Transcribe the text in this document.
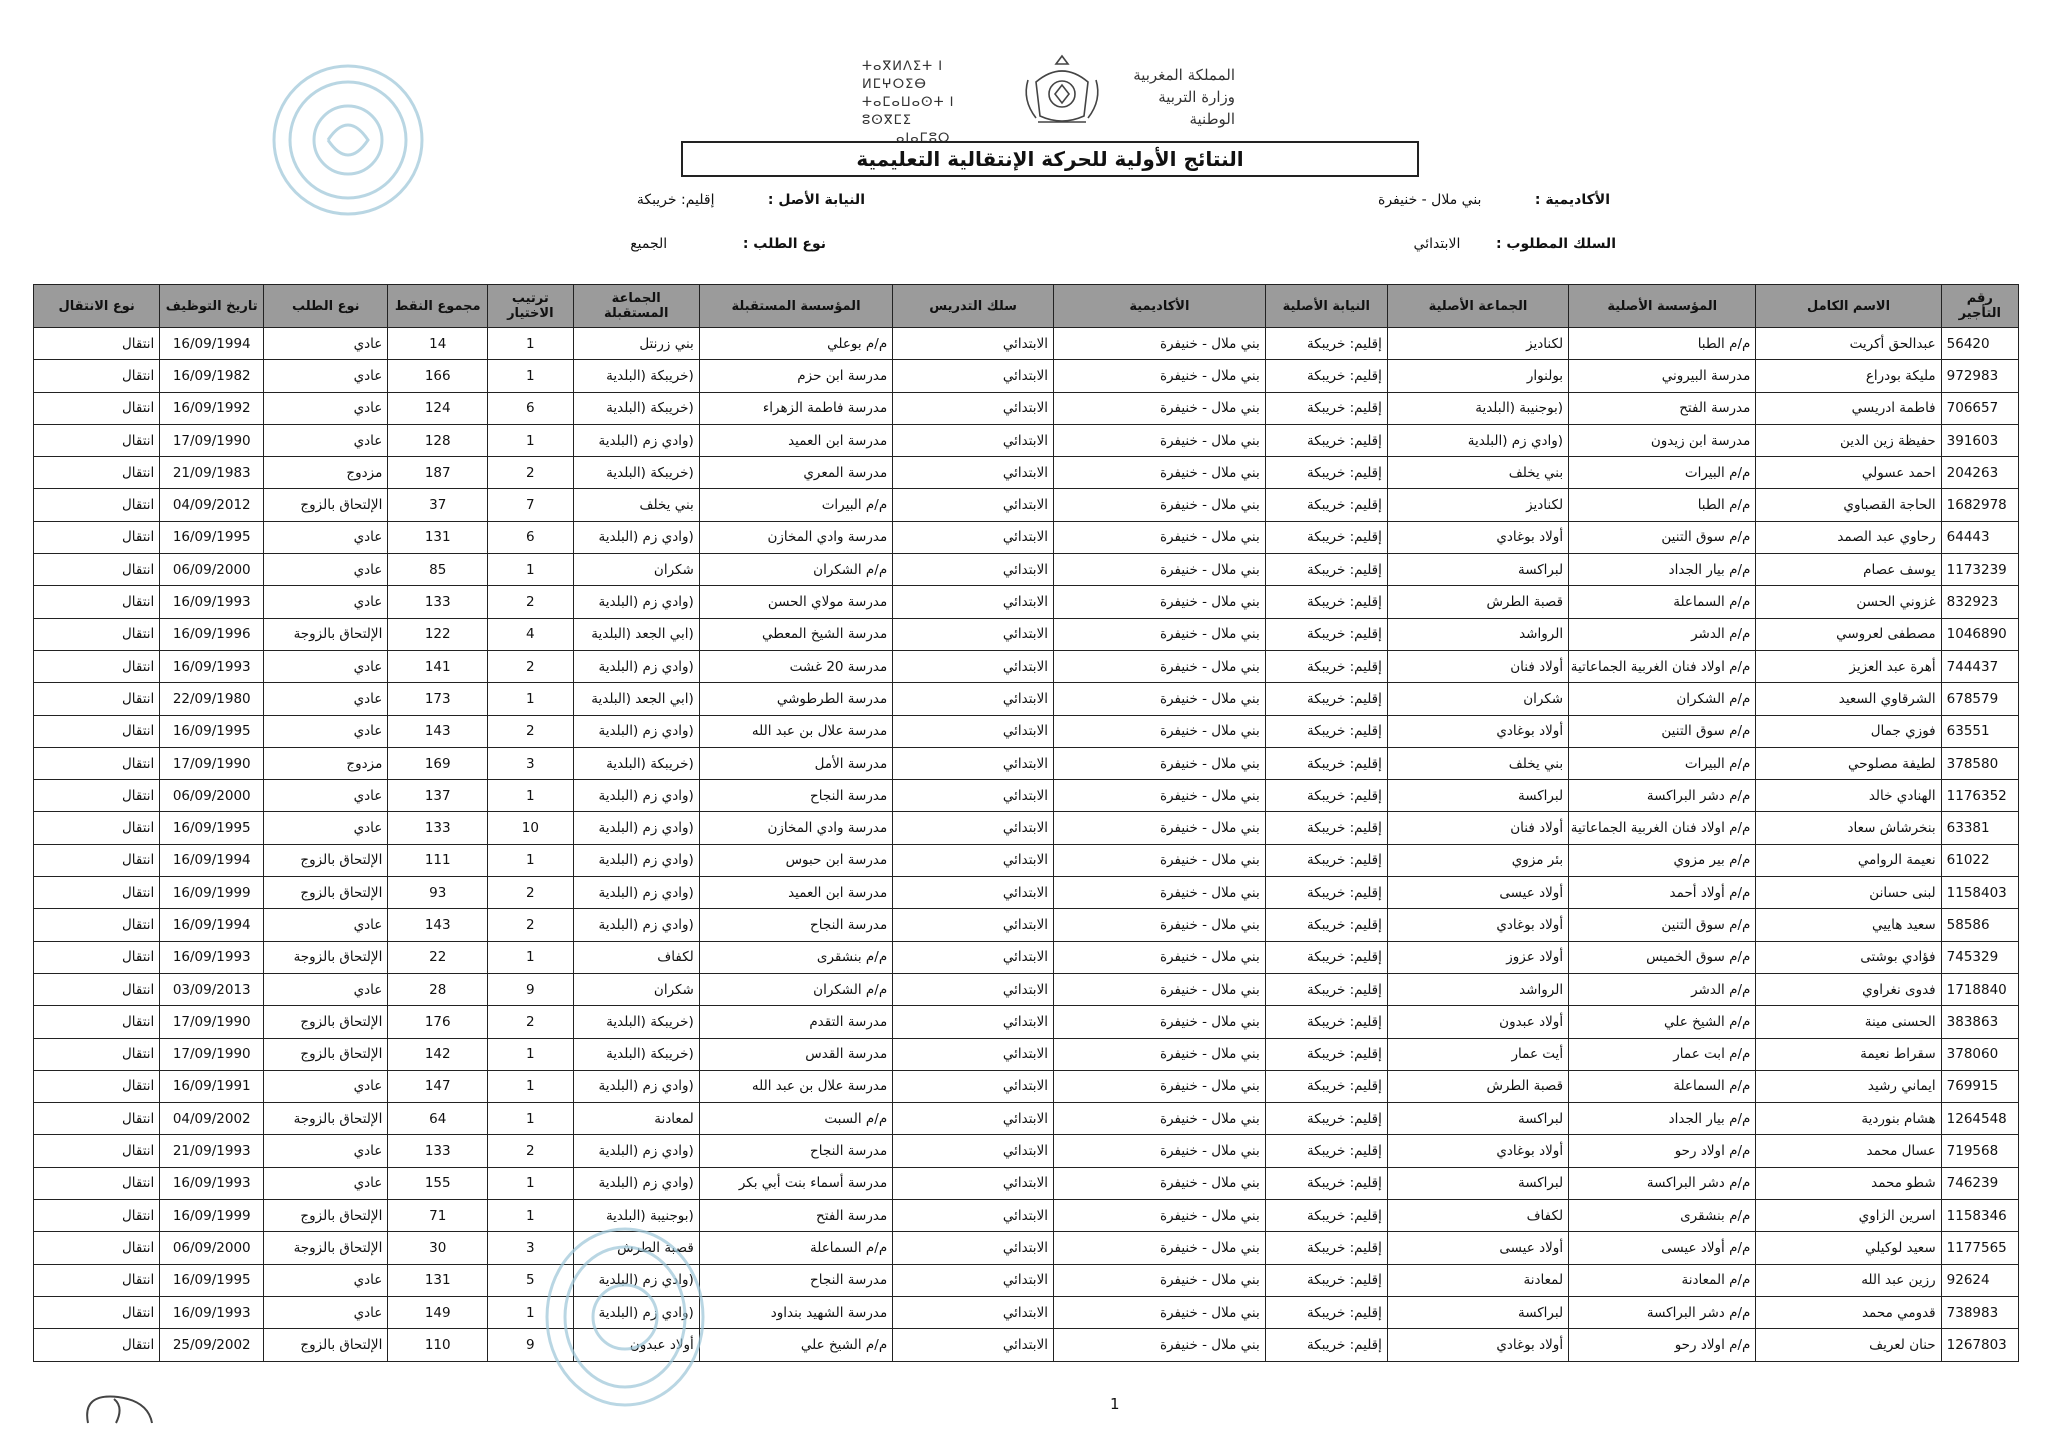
المملكة المغربية
وزارة التربية الوطنية
ⵜⴰⴳⵍⴷⵉⵜ ⵏ ⵍⵎⵖⵔⵉⴱ
ⵜⴰⵎⴰⵡⴰⵙⵜ ⵏ ⵓⵙⴳⵎⵉ
ⴰⵏⴰⵎⵓⵔ
النتائج الأولية للحركة الإنتقالية التعليمية
الأكاديمية :            بني ملال - خنيفرة
النيابة الأصل :            إقليم: خريبكة
السلك المطلوب :        الابتدائي
نوع الطلب :                 الجميع
رقم التأجير	الاسم الكامل	المؤسسة الأصلية	الجماعة الأصلية	النيابة الأصلية	الأكاديمية	سلك التدريس	المؤسسة المستقبلة	الجماعة المستقبلة	ترتيب الاختيار	مجموع النقط	نوع الطلب	تاريخ التوظيف	نوع الانتقال
56420	عبدالحق أكريت	م/م الطبا	لكناديز	إقليم: خريبكة	بني ملال - خنيفرة	الابتدائي	م/م بوعلي	بني زرنتل	1	14	عادي	16/09/1994	انتقال
972983	مليكة بودراع	مدرسة البيروني	بولنوار	إقليم: خريبكة	بني ملال - خنيفرة	الابتدائي	مدرسة ابن حزم	(خريبكة (البلدية	1	166	عادي	16/09/1982	انتقال
706657	فاطمة ادريسي	مدرسة الفتح	(بوجنيبة (البلدية	إقليم: خريبكة	بني ملال - خنيفرة	الابتدائي	مدرسة فاطمة الزهراء	(خريبكة (البلدية	6	124	عادي	16/09/1992	انتقال
391603	حفيظة زين الدين	مدرسة ابن زيدون	(وادي زم (البلدية	إقليم: خريبكة	بني ملال - خنيفرة	الابتدائي	مدرسة ابن العميد	(وادي زم (البلدية	1	128	عادي	17/09/1990	انتقال
204263	احمد عسولي	م/م البيرات	بني يخلف	إقليم: خريبكة	بني ملال - خنيفرة	الابتدائي	مدرسة المعري	(خريبكة (البلدية	2	187	مزدوج	21/09/1983	انتقال
1682978	الحاجة القصباوي	م/م الطبا	لكناديز	إقليم: خريبكة	بني ملال - خنيفرة	الابتدائي	م/م البيرات	بني يخلف	7	37	الإلتحاق بالزوج	04/09/2012	انتقال
64443	رحاوي عبد الصمد	م/م سوق التنين	أولاد بوغادي	إقليم: خريبكة	بني ملال - خنيفرة	الابتدائي	مدرسة وادي المخازن	(وادي زم (البلدية	6	131	عادي	16/09/1995	انتقال
1173239	يوسف عصام	م/م بيار الجداد	لبراكسة	إقليم: خريبكة	بني ملال - خنيفرة	الابتدائي	م/م الشكران	شكران	1	85	عادي	06/09/2000	انتقال
832923	غزوني الحسن	م/م السماعلة	قصبة الطرش	إقليم: خريبكة	بني ملال - خنيفرة	الابتدائي	مدرسة مولاي الحسن	(وادي زم (البلدية	2	133	عادي	16/09/1993	انتقال
1046890	مصطفى لعروسي	م/م الدشر	الرواشد	إقليم: خريبكة	بني ملال - خنيفرة	الابتدائي	مدرسة الشيخ المعطي	(ابي الجعد (البلدية	4	122	الإلتحاق بالزوجة	16/09/1996	انتقال
744437	أهرة عبد العزيز	م/م اولاد فنان الغربية الجماعاتية	أولاد فنان	إقليم: خريبكة	بني ملال - خنيفرة	الابتدائي	مدرسة 20 غشت	(وادي زم (البلدية	2	141	عادي	16/09/1993	انتقال
678579	الشرقاوي السعيد	م/م الشكران	شكران	إقليم: خريبكة	بني ملال - خنيفرة	الابتدائي	مدرسة الطرطوشي	(ابي الجعد (البلدية	1	173	عادي	22/09/1980	انتقال
63551	فوزي جمال	م/م سوق التنين	أولاد بوغادي	إقليم: خريبكة	بني ملال - خنيفرة	الابتدائي	مدرسة علال بن عبد الله	(وادي زم (البلدية	2	143	عادي	16/09/1995	انتقال
378580	لطيفة مصلوحي	م/م البيرات	بني يخلف	إقليم: خريبكة	بني ملال - خنيفرة	الابتدائي	مدرسة الأمل	(خريبكة (البلدية	3	169	مزدوج	17/09/1990	انتقال
1176352	الهنادي خالد	م/م دشر البراكسة	لبراكسة	إقليم: خريبكة	بني ملال - خنيفرة	الابتدائي	مدرسة النجاح	(وادي زم (البلدية	1	137	عادي	06/09/2000	انتقال
63381	بنخرشاش سعاد	م/م اولاد فنان الغربية الجماعاتية	أولاد فنان	إقليم: خريبكة	بني ملال - خنيفرة	الابتدائي	مدرسة وادي المخازن	(وادي زم (البلدية	10	133	عادي	16/09/1995	انتقال
61022	نعيمة الروامي	م/م بير مزوي	بئر مزوي	إقليم: خريبكة	بني ملال - خنيفرة	الابتدائي	مدرسة ابن حبوس	(وادي زم (البلدية	1	111	الإلتحاق بالزوج	16/09/1994	انتقال
1158403	لبنى حسانن	م/م أولاد أحمد	أولاد عيسى	إقليم: خريبكة	بني ملال - خنيفرة	الابتدائي	مدرسة ابن العميد	(وادي زم (البلدية	2	93	الإلتحاق بالزوج	16/09/1999	انتقال
58586	سعيد هاييي	م/م سوق التنين	أولاد بوغادي	إقليم: خريبكة	بني ملال - خنيفرة	الابتدائي	مدرسة النجاح	(وادي زم (البلدية	2	143	عادي	16/09/1994	انتقال
745329	فؤادي بوشتى	م/م سوق الخميس	أولاد عزوز	إقليم: خريبكة	بني ملال - خنيفرة	الابتدائي	م/م بنشقرى	لكفاف	1	22	الإلتحاق بالزوجة	16/09/1993	انتقال
1718840	فدوى نغراوي	م/م الدشر	الرواشد	إقليم: خريبكة	بني ملال - خنيفرة	الابتدائي	م/م الشكران	شكران	9	28	عادي	03/09/2013	انتقال
383863	الحسنى مينة	م/م الشيخ علي	أولاد عبدون	إقليم: خريبكة	بني ملال - خنيفرة	الابتدائي	مدرسة التقدم	(خريبكة (البلدية	2	176	الإلتحاق بالزوج	17/09/1990	انتقال
378060	سقراط نعيمة	م/م ابت عمار	أيت عمار	إقليم: خريبكة	بني ملال - خنيفرة	الابتدائي	مدرسة القدس	(خريبكة (البلدية	1	142	الإلتحاق بالزوج	17/09/1990	انتقال
769915	ايماني رشيد	م/م السماعلة	قصبة الطرش	إقليم: خريبكة	بني ملال - خنيفرة	الابتدائي	مدرسة علال بن عبد الله	(وادي زم (البلدية	1	147	عادي	16/09/1991	انتقال
1264548	هشام بنوردية	م/م بيار الجداد	لبراكسة	إقليم: خريبكة	بني ملال - خنيفرة	الابتدائي	م/م السبت	لمعادنة	1	64	الإلتحاق بالزوجة	04/09/2002	انتقال
719568	عسال محمد	م/م اولاد رحو	أولاد بوغادي	إقليم: خريبكة	بني ملال - خنيفرة	الابتدائي	مدرسة النجاح	(وادي زم (البلدية	2	133	عادي	21/09/1993	انتقال
746239	شطو محمد	م/م دشر البراكسة	لبراكسة	إقليم: خريبكة	بني ملال - خنيفرة	الابتدائي	مدرسة أسماء بنت أبي بكر	(وادي زم (البلدية	1	155	عادي	16/09/1993	انتقال
1158346	اسرين الزاوي	م/م بنشقرى	لكفاف	إقليم: خريبكة	بني ملال - خنيفرة	الابتدائي	مدرسة الفتح	(بوجنيبة (البلدية	1	71	الإلتحاق بالزوج	16/09/1999	انتقال
1177565	سعيد لوكيلي	م/م أولاد عيسى	أولاد عيسى	إقليم: خريبكة	بني ملال - خنيفرة	الابتدائي	م/م السماعلة	قصبة الطرش	3	30	الإلتحاق بالزوجة	06/09/2000	انتقال
92624	رزين عبد الله	م/م المعادنة	لمعادنة	إقليم: خريبكة	بني ملال - خنيفرة	الابتدائي	مدرسة النجاح	(وادي زم (البلدية	5	131	عادي	16/09/1995	انتقال
738983	قدومي محمد	م/م دشر البراكسة	لبراكسة	إقليم: خريبكة	بني ملال - خنيفرة	الابتدائي	مدرسة الشهيد بنداود	(وادي زم (البلدية	1	149	عادي	16/09/1993	انتقال
1267803	حنان لعريف	م/م اولاد رحو	أولاد بوغادي	إقليم: خريبكة	بني ملال - خنيفرة	الابتدائي	م/م الشيخ علي	أولاد عبدون	9	110	الإلتحاق بالزوج	25/09/2002	انتقال
1
